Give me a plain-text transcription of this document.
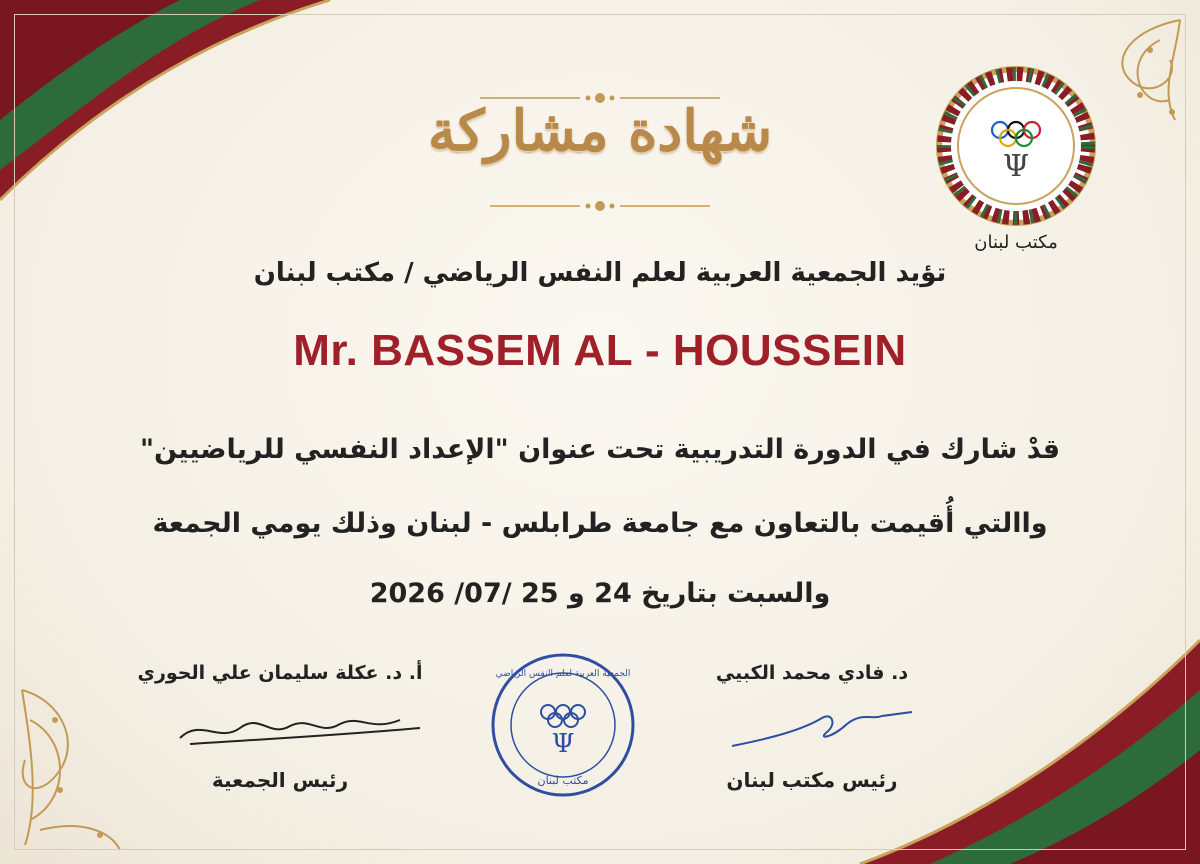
شهادة مشاركة
Ψ
مكتب لبنان
تؤيد الجمعية العربية لعلم النفس الرياضي / مكتب لبنان
Mr. BASSEM AL - HOUSSEIN
قدْ شارك في الدورة التدريبية تحت عنوان "الإعداد النفسي للرياضيين"
واالتي أُقيمت بالتعاون مع جامعة طرابلس - لبنان وذلك يومي الجمعة
والسبت بتاريخ 24 و 25 /07/ 2026
أ. د. عكلة سليمان علي الحوري
رئيس الجمعية
د. فادي محمد الكبيي
رئيس مكتب لبنان
Ψ
الجمعية العربية لعلم النفس الرياضي
مكتب لبنان
